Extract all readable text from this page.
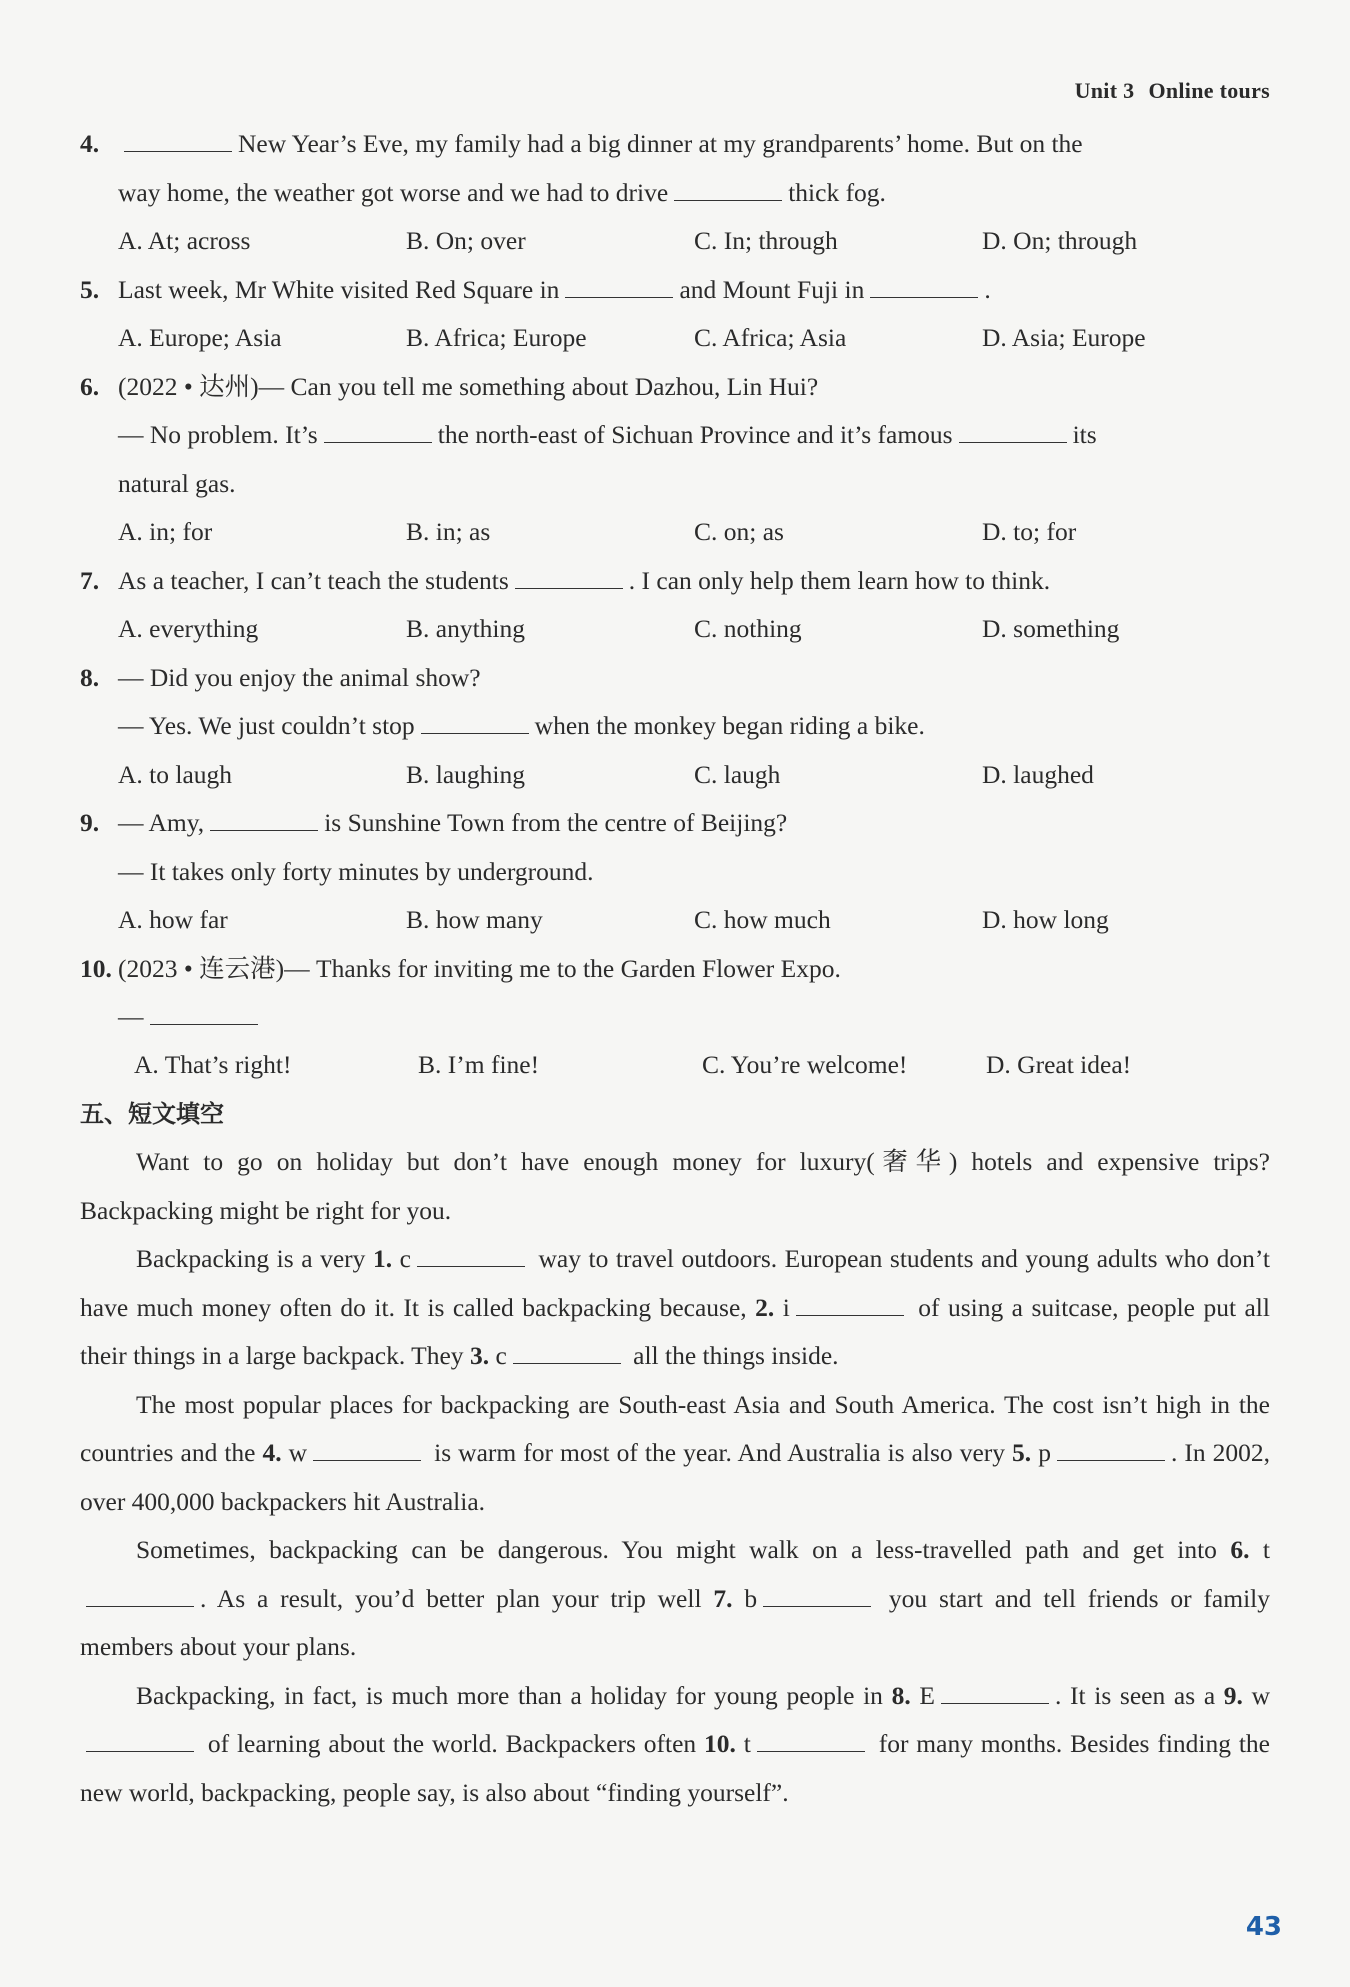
Unit 3 Online tours
4.	New Year’s Eve, my family had a big dinner at my grandparents’ home. But on the
way home, the weather got worse and we had to drive	thick fog.
A. At; across	B. On; over	C. In; through	D. On; through
5. Last week, Mr White visited Red Square in	and Mount Fuji in	.
A. Europe; Asia	B. Africa; Europe	C. Africa; Asia	D. Asia; Europe
6. (2022 • 达州)— Can you tell me something about Dazhou, Lin Hui?
— No problem. It’s	the north-east of Sichuan Province and it’s famous	its
natural gas.
A. in; for	B. in; as	C. on; as	D. to; for
7. As a teacher, I can’t teach the students	. I can only help them learn how to think.
A. everything	B. anything	C. nothing	D. something
8. — Did you enjoy the animal show?
— Yes. We just couldn’t stop	when the monkey began riding a bike.
A. to laugh	B. laughing	C. laugh	D. laughed
9. — Amy,	is Sunshine Town from the centre of Beijing?
— It takes only forty minutes by underground.
A. how far	B. how many	C. how much	D. how long
10. (2023 • 连云港)— Thanks for inviting me to the Garden Flower Expo.
—
A. That’s right!	B. I’m fine!	C. You’re welcome!	D. Great idea!
五、短文填空

Want to go on holiday but don’t have enough money for luxury(奢华) hotels and expensive trips? Backpacking might be right for you.

Backpacking is a very 1. c	way to travel outdoors. European students and young adults who don’t have much money often do it. It is called backpacking because, 2. i	of using a suitcase, people put all their things in a large backpack. They 3. c	all the things inside.

The most popular places for backpacking are South-east Asia and South America. The cost isn’t high in the countries and the 4. w	is warm for most of the year. And Australia is also very 5. p	. In 2002, over 400,000 backpackers hit Australia.

Sometimes, backpacking can be dangerous. You might walk on a less-travelled path and get into 6. t. As a result, you’d better plan your trip well 7. b	you start and tell friends or family members about your plans.

Backpacking, in fact, is much more than a holiday for young people in 8. E	. It is seen as a 9. w of learning about the world. Backpackers often 10. t	for many months. Besides finding the new world, backpacking, people say, is also about “finding yourself”.

43
